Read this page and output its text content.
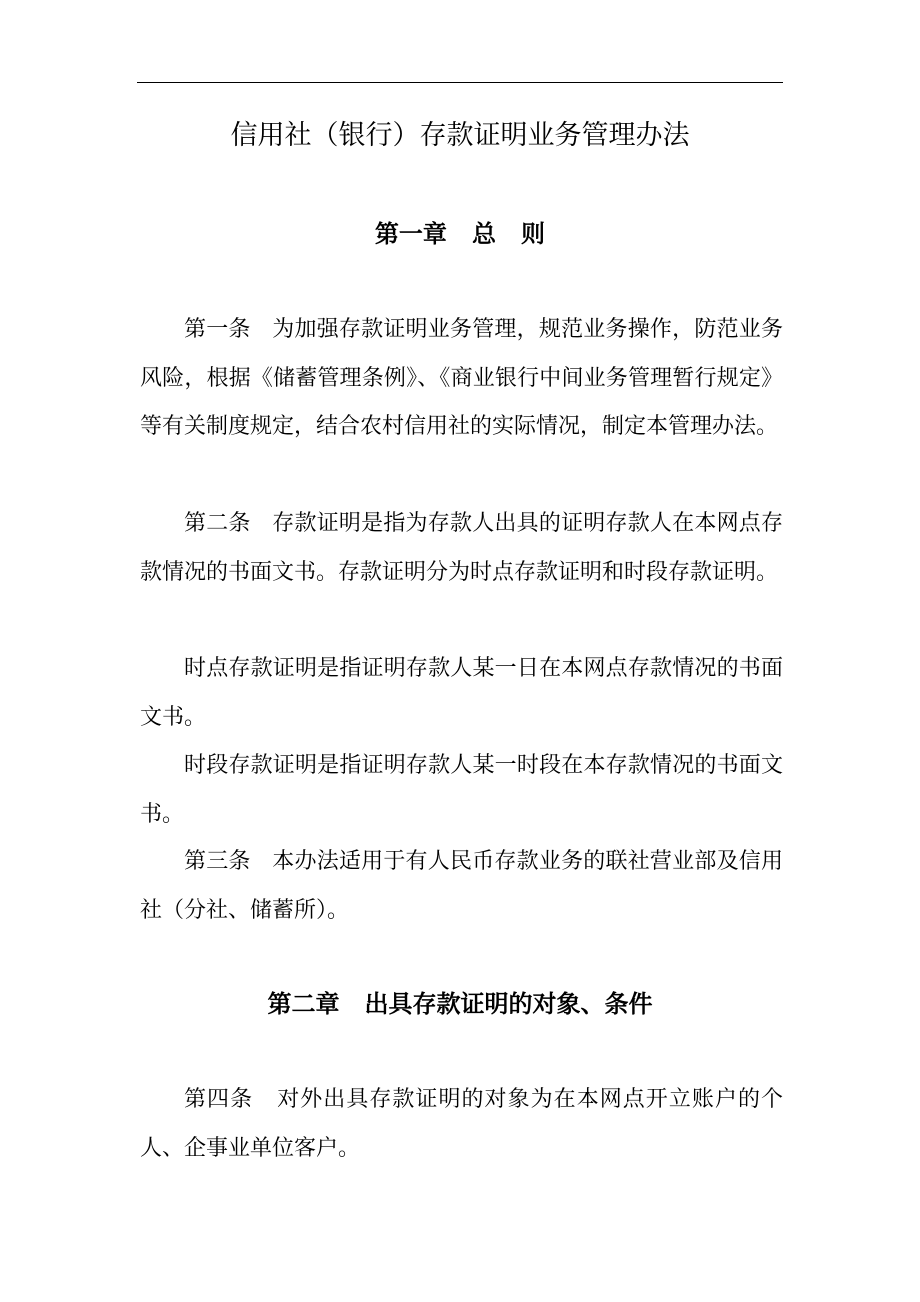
信用社（银行）存款证明业务管理办法
第一章   总   则

第一条   为加强存款证明业务管理，规范业务操作，防范业务风险，根据《储蓄管理条例》、《商业银行中间业务管理暂行规定》等有关制度规定，结合农村信用社的实际情况，制定本管理办法。

第二条   存款证明是指为存款人出具的证明存款人在本网点存款情况的书面文书。存款证明分为时点存款证明和时段存款证明。

时点存款证明是指证明存款人某一日在本网点存款情况的书面文书。

时段存款证明是指证明存款人某一时段在本存款情况的书面文书。

第三条   本办法适用于有人民币存款业务的联社营业部及信用社（分社、储蓄所）。

第二章   出具存款证明的对象、条件

第四条   对外出具存款证明的对象为在本网点开立账户的个人、企事业单位客户。
